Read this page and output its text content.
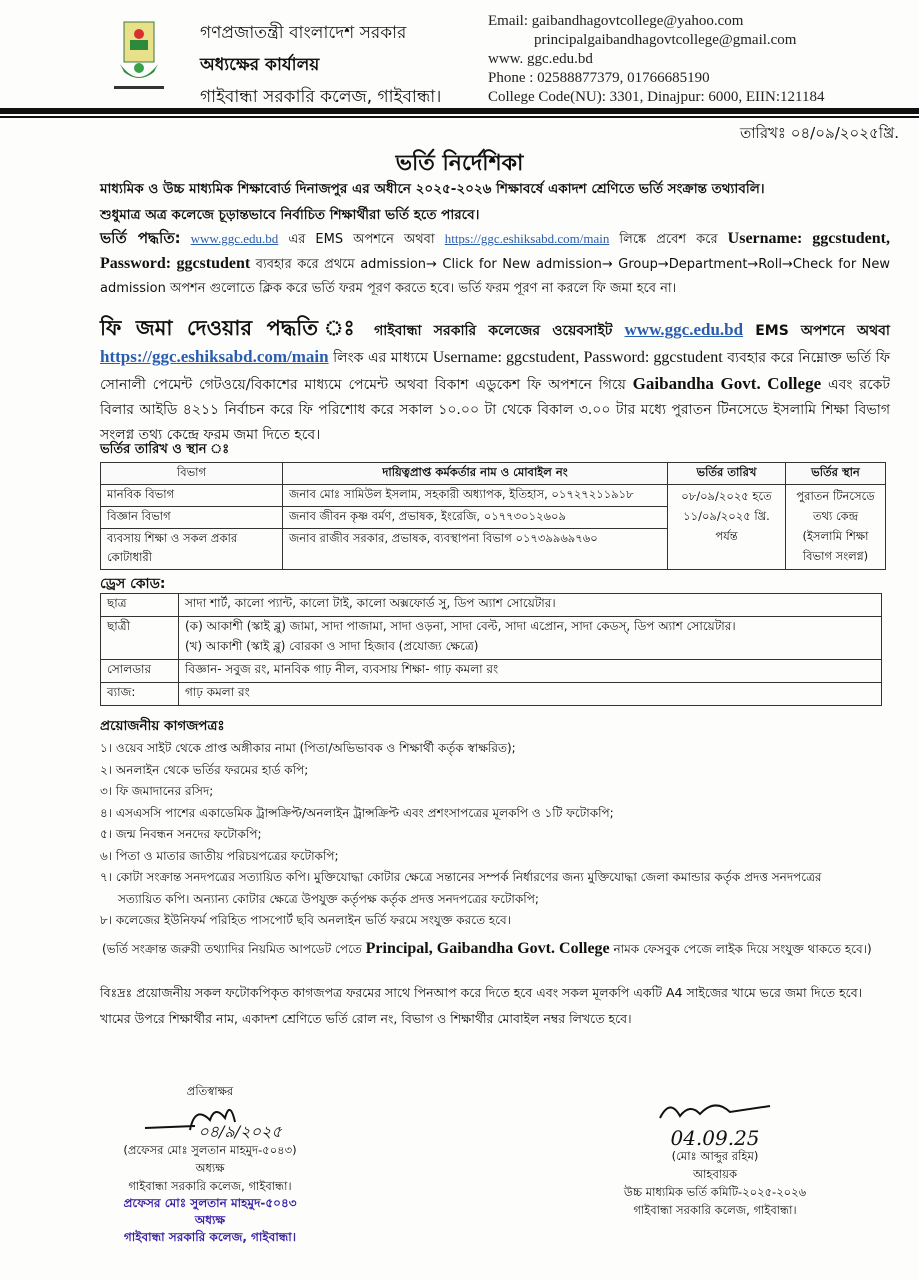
গণপ্রজাতন্ত্রী বাংলাদেশ সরকার
অধ্যক্ষের কার্যালয়
গাইবান্ধা সরকারি কলেজ, গাইবান্ধা।
Email: gaibandhagovtcollege@yahoo.com
principalgaibandhagovtcollege@gmail.com
www. ggc.edu.bd
Phone : 02588877379, 01766685190
College Code(NU): 3301, Dinajpur: 6000, EIIN:121184
তারিখঃ ০৪/০৯/২০২৫খ্রি.
ভর্তি নির্দেশিকা
মাধ্যমিক ও উচ্চ মাধ্যমিক শিক্ষাবোর্ড দিনাজপুর এর অধীনে ২০২৫-২০২৬ শিক্ষাবর্ষে একাদশ শ্রেণিতে ভর্তি সংক্রান্ত তথ্যাবলি।
শুধুমাত্র অত্র কলেজে চূড়ান্তভাবে নির্বাচিত শিক্ষার্থীরা ভর্তি হতে পারবে।
ভর্তি পদ্ধতি: www.ggc.edu.bd এর EMS অপশনে অথবা https://ggc.eshiksabd.com/main লিঙ্কে প্রবেশ করে Username: ggcstudent, Password: ggcstudent ব্যবহার করে প্রথমে admission→ Click for New admission→ Group→Department→Roll→Check for New admission অপশন গুলোতে ক্লিক করে ভর্তি ফরম পূরণ করতে হবে। ভর্তি ফরম পূরণ না করলে ফি জমা হবে না।
ফি জমা দেওয়ার পদ্ধতি ঃ গাইবান্ধা সরকারি কলেজের ওয়েবসাইট www.ggc.edu.bd EMS অপশনে অথবা https://ggc.eshiksabd.com/main লিংক এর মাধ্যমে Username: ggcstudent, Password: ggcstudent ব্যবহার করে নিম্নোক্ত ভর্তি ফি সোনালী পেমেন্ট গেটওয়ে/বিকাশের মাধ্যমে পেমেন্ট অথবা বিকাশ এডুকেশ ফি অপশনে গিয়ে Gaibandha Govt. College এবং রকেট বিলার আইডি ৪২১১ নির্বাচন করে ফি পরিশোধ করে সকাল ১০.০০ টা থেকে বিকাল ৩.০০ টার মধ্যে পুরাতন টিনসেডে ইসলামি শিক্ষা বিভাগ সংলগ্ন তথ্য কেন্দ্রে ফরম জমা দিতে হবে।
ভর্তির তারিখ ও স্থান ঃ
বিভাগ	দায়িত্বপ্রাপ্ত কর্মকর্তার নাম ও মোবাইল নং	ভর্তির তারিখ	ভর্তির স্থান
মানবিক বিভাগ	জনাব মোঃ সামিউল ইসলাম, সহকারী অধ্যাপক, ইতিহাস, ০১৭২৭২১১৯১৮	০৮/০৯/২০২৫ হতে ১১/০৯/২০২৫ খ্রি. পর্যন্ত	পুরাতন টিনসেডে তথ্য কেন্দ্র (ইসলামি শিক্ষা বিভাগ সংলগ্ন)
বিজ্ঞান বিভাগ	জনাব জীবন কৃষ্ণ বর্মণ, প্রভাষক, ইংরেজি, ০১৭৭৩০১২৬০৯		
ব্যবসায় শিক্ষা ও সকল প্রকার কোটাধারী	জনাব রাজীব সরকার, প্রভাষক, ব্যবস্থাপনা বিভাগ ০১৭৩৯৯৬৯৭৬০		
ড্রেস কোড:
ছাত্র	সাদা শার্ট, কালো প্যান্ট, কালো টাই, কালো অক্সফোর্ড সু, ডিপ অ্যাশ সোয়েটার।
ছাত্রী	(ক) আকাশী (স্কাই ব্লু) জামা, সাদা পাজামা, সাদা ওড়না, সাদা বেল্ট, সাদা এপ্রোন, সাদা কেডস্‌, ডিপ অ্যাশ সোয়েটার।
(খ) আকাশী (স্কাই ব্লু) বোরকা ও সাদা হিজাব (প্রযোজ্য ক্ষেত্রে)

সোলডার	বিজ্ঞান- সবুজ রং, মানবিক গাঢ় নীল, ব্যবসায় শিক্ষা- গাঢ় কমলা রং
ব্যাজ:	গাঢ় কমলা রং
প্রয়োজনীয় কাগজপত্রঃ
১। ওয়েব সাইট থেকে প্রাপ্ত অঙ্গীকার নামা (পিতা/অভিভাবক ও শিক্ষার্থী কর্তৃক স্বাক্ষরিত);
২। অনলাইন থেকে ভর্তির ফরমের হার্ড কপি;
৩। ফি জমাদানের রসিদ;
৪। এসএসসি পাশের একাডেমিক ট্রান্সক্রিপ্ট/অনলাইন ট্রান্সক্রিপ্ট এবং প্রশংসাপত্রের মূলকপি ও ১টি ফটোকপি;
৫। জন্ম নিবন্ধন সনদের ফটোকপি;
৬। পিতা ও মাতার জাতীয় পরিচয়পত্রের ফটোকপি;
৭। কোটা সংক্রান্ত সনদপত্রের সত্যায়িত কপি। মুক্তিযোদ্ধা কোটার ক্ষেত্রে সন্তানের সম্পর্ক নির্ধারণের জন্য মুক্তিযোদ্ধা জেলা কমান্ডার কর্তৃক প্রদত্ত সনদপত্রের সত্যায়িত কপি। অন্যান্য কোটার ক্ষেত্রে উপযুক্ত কর্তৃপক্ষ কর্তৃক প্রদত্ত সনদপত্রের ফটোকপি;
৮। কলেজের ইউনিফর্ম পরিহিত পাসপোর্ট ছবি অনলাইন ভর্তি ফরমে সংযুক্ত করতে হবে।
(ভর্তি সংক্রান্ত জরুরী তথ্যাদির নিয়মিত আপডেট পেতে Principal, Gaibandha Govt. College নামক ফেসবুক পেজে লাইক দিয়ে সংযুক্ত থাকতে হবে।)
বিঃদ্রঃ প্রয়োজনীয় সকল ফটোকপিকৃত কাগজপত্র ফরমের সাথে পিনআপ করে দিতে হবে এবং সকল মূলকপি একটি A4 সাইজের খামে ভরে জমা দিতে হবে। খামের উপরে শিক্ষার্থীর নাম, একাদশ শ্রেণিতে ভর্তি রোল নং, বিভাগ ও শিক্ষার্থীর মোবাইল নম্বর লিখতে হবে।
প্রতিস্বাক্ষর
০৪/৯/২০২৫
(প্রফেসর মোঃ সুলতান মাহমুদ-৫০৪৩)
অধ্যক্ষ
গাইবান্ধা সরকারি কলেজ, গাইবান্ধা।
প্রফেসর মোঃ সুলতান মাহমুদ-৫০৪৩
অধ্যক্ষ
গাইবান্ধা সরকারি কলেজ, গাইবান্ধা।
04.09.25
(মোঃ আব্দুর রহিম)
আহবায়ক
উচ্চ মাধ্যমিক ভর্তি কমিটি-২০২৫-২০২৬
গাইবান্ধা সরকারি কলেজ, গাইবান্ধা।
